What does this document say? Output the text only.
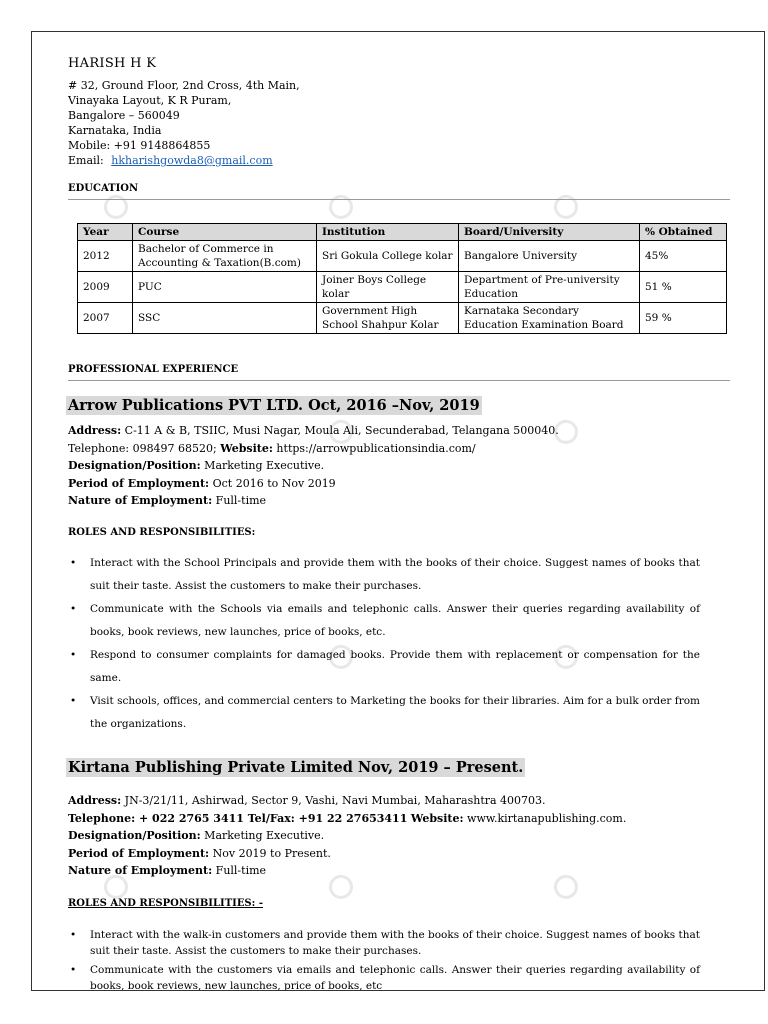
HARISH H K
# 32, Ground Floor, 2nd Cross, 4th Main,
Vinayaka Layout, K R Puram,
Bangalore – 560049
Karnataka, India
Mobile: +91 9148864855
Email: hkharishgowda8@gmail.com
EDUCATION
Year	Course	Institution	Board/University	% Obtained
2012	Bachelor of Commerce in Accounting & Taxation(B.com)	Sri Gokula College kolar	Bangalore University	45%
2009	PUC	Joiner Boys College kolar	Department of Pre-university Education	51 %
2007	SSC	Government High School Shahpur Kolar	Karnataka Secondary Education Examination Board	59 %
PROFESSIONAL EXPERIENCE
Arrow Publications PVT LTD. Oct, 2016 –Nov, 2019
Address: C-11 A & B, TSIIC, Musi Nagar, Moula Ali, Secunderabad, Telangana 500040.
Telephone: 098497 68520; Website: https://arrowpublicationsindia.com/
Designation/Position: Marketing Executive.
Period of Employment: Oct 2016 to Nov 2019
Nature of Employment: Full-time
ROLES AND RESPONSIBILITIES:
• Interact with the School Principals and provide them with the books of their choice. Suggest names of books that suit their taste. Assist the customers to make their purchases.
• Communicate with the Schools via emails and telephonic calls. Answer their queries regarding availability of books, book reviews, new launches, price of books, etc.
• Respond to consumer complaints for damaged books. Provide them with replacement or compensation for the same.
• Visit schools, offices, and commercial centers to Marketing the books for their libraries. Aim for a bulk order from the organizations.
Kirtana Publishing Private Limited Nov, 2019 – Present.
Address: JN-3/21/11, Ashirwad, Sector 9, Vashi, Navi Mumbai, Maharashtra 400703.
Telephone: + 022 2765 3411 Tel/Fax: +91 22 27653411 Website: www.kirtanapublishing.com.
Designation/Position: Marketing Executive.
Period of Employment: Nov 2019 to Present.
Nature of Employment: Full-time
ROLES AND RESPONSIBILITIES: -
• Interact with the walk-in customers and provide them with the books of their choice. Suggest names of books that suit their taste. Assist the customers to make their purchases.
• Communicate with the customers via emails and telephonic calls. Answer their queries regarding availability of books, book reviews, new launches, price of books, etc
